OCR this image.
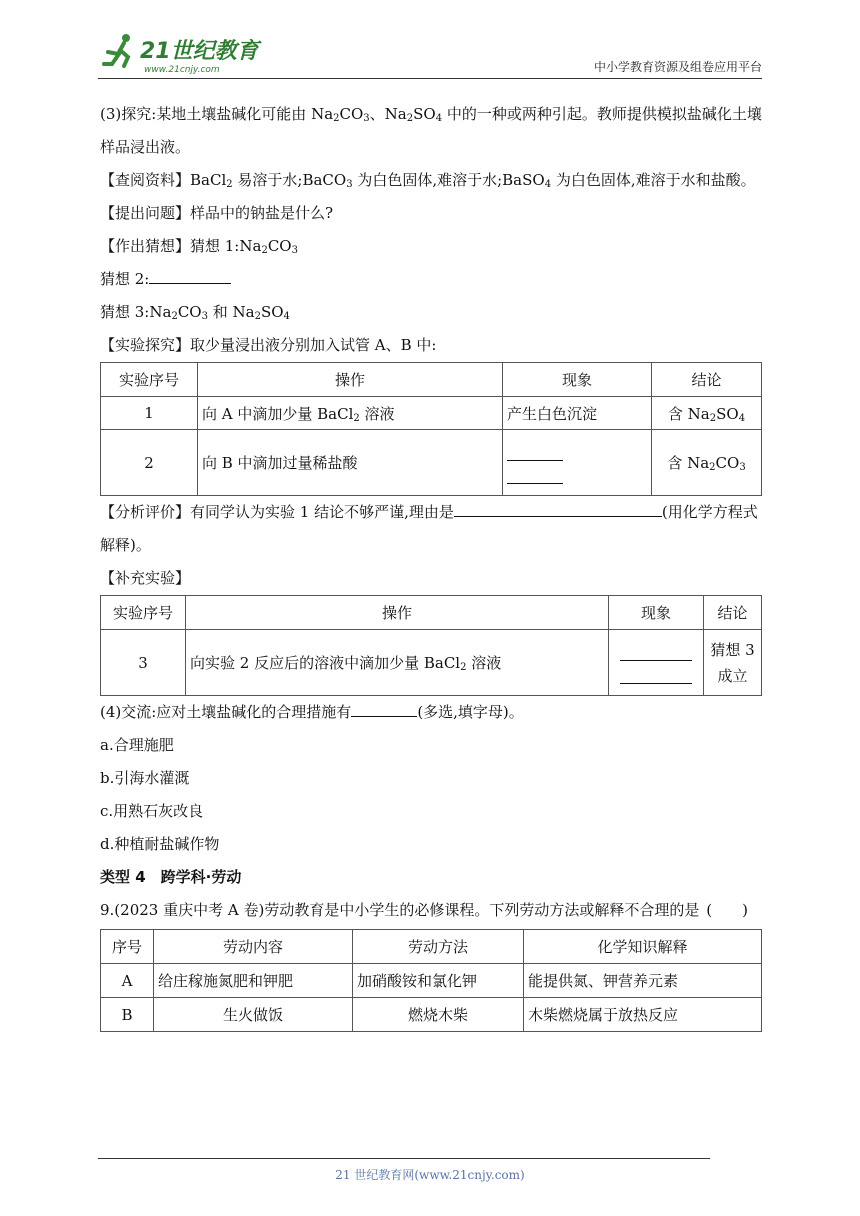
21世纪教育
www.21cnjy.com	中小学教育资源及组卷应用平台

(3)探究:某地土壤盐碱化可能由 $Na_2CO_3$、$Na_2SO_4$ 中的一种或两种引起。教师提供模拟盐碱化土壤样品浸出液。

【查阅资料】BaCl$_2$ 易溶于水;BaCO$_3$ 为白色固体,难溶于水;BaSO$_4$ 为白色固体,难溶于水和盐酸。

【提出问题】样品中的钠盐是什么?

【作出猜想】猜想 $1:Na_2CO_3$

猜想 2:

猜想 $3:Na_2CO_3$ 和 $Na_2SO_4$

【实验探究】取少量浸出液分别加入试管 A、B 中:

实验序号	操作	现象	结论
1	向 A 中滴加少量 BaCl$_2$ 溶液	产生白色沉淀	含 $Na_2SO_4$
2	向 B 中滴加过量稀盐酸		含 $Na_2CO_3$

【分析评价】有同学认为实验 1 结论不够严谨,理由是	(用化学方程式解释)。

【补充实验】

实验序号	操作	现象	结论
3	向实验 2 反应后的溶液中滴加少量 BaCl$_2$ 溶液		猜想 3 成立

(4)交流:应对土壤盐碱化的合理措施有	(多选,填字母)。

a.合理施肥

b.引海水灌溉

c.用熟石灰改良

d.种植耐盐碱作物

类型 4　跨学科·劳动

9.(2023 重庆中考 A 卷)劳动教育是中小学生的必修课程。下列劳动方法或解释不合理的是 (　　)

序号	劳动内容	劳动方法	化学知识解释
A	给庄稼施氮肥和钾肥	加硝酸铵和氯化钾	能提供氮、钾营养元素
B	生火做饭	燃烧木柴	木柴燃烧属于放热反应
21 世纪教育网(www.21cnjy.com)
